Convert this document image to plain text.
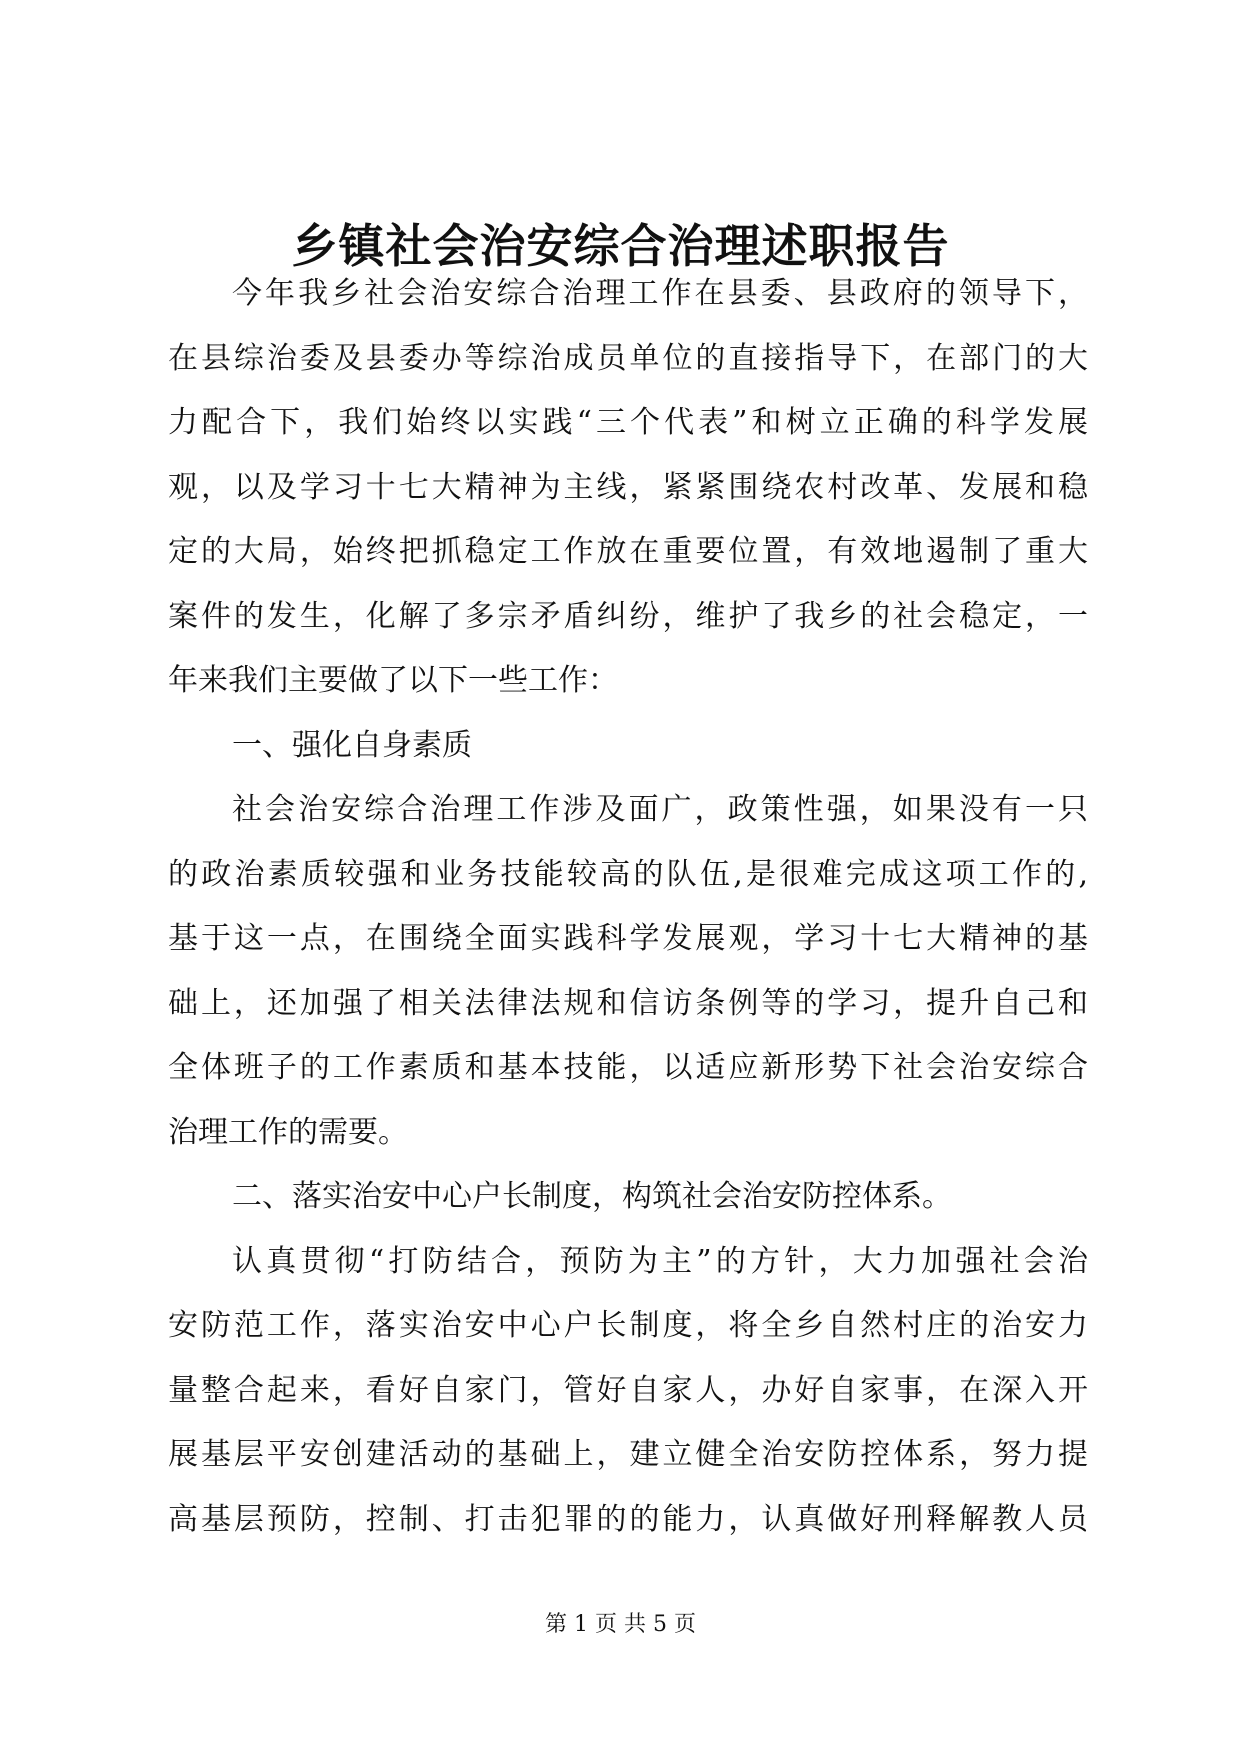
乡镇社会治安综合治理述职报告
今年我乡社会治安综合治理工作在县委、县政府的领导下，
在县综治委及县委办等综治成员单位的直接指导下，在部门的大
力配合下，我们始终以实践“三个代表”和树立正确的科学发展
观，以及学习十七大精神为主线，紧紧围绕农村改革、发展和稳
定的大局，始终把抓稳定工作放在重要位置，有效地遏制了重大
案件的发生，化解了多宗矛盾纠纷，维护了我乡的社会稳定，一
年来我们主要做了以下一些工作：
一、强化自身素质
社会治安综合治理工作涉及面广，政策性强，如果没有一只
的政治素质较强和业务技能较高的队伍,是很难完成这项工作的,
基于这一点，在围绕全面实践科学发展观，学习十七大精神的基
础上，还加强了相关法律法规和信访条例等的学习，提升自己和
全体班子的工作素质和基本技能，以适应新形势下社会治安综合
治理工作的需要。
二、落实治安中心户长制度，构筑社会治安防控体系。
认真贯彻“打防结合，预防为主”的方针，大力加强社会治
安防范工作，落实治安中心户长制度，将全乡自然村庄的治安力
量整合起来，看好自家门，管好自家人，办好自家事，在深入开
展基层平安创建活动的基础上，建立健全治安防控体系，努力提
高基层预防，控制、打击犯罪的的能力，认真做好刑释解教人员
第 1 页 共 5 页
